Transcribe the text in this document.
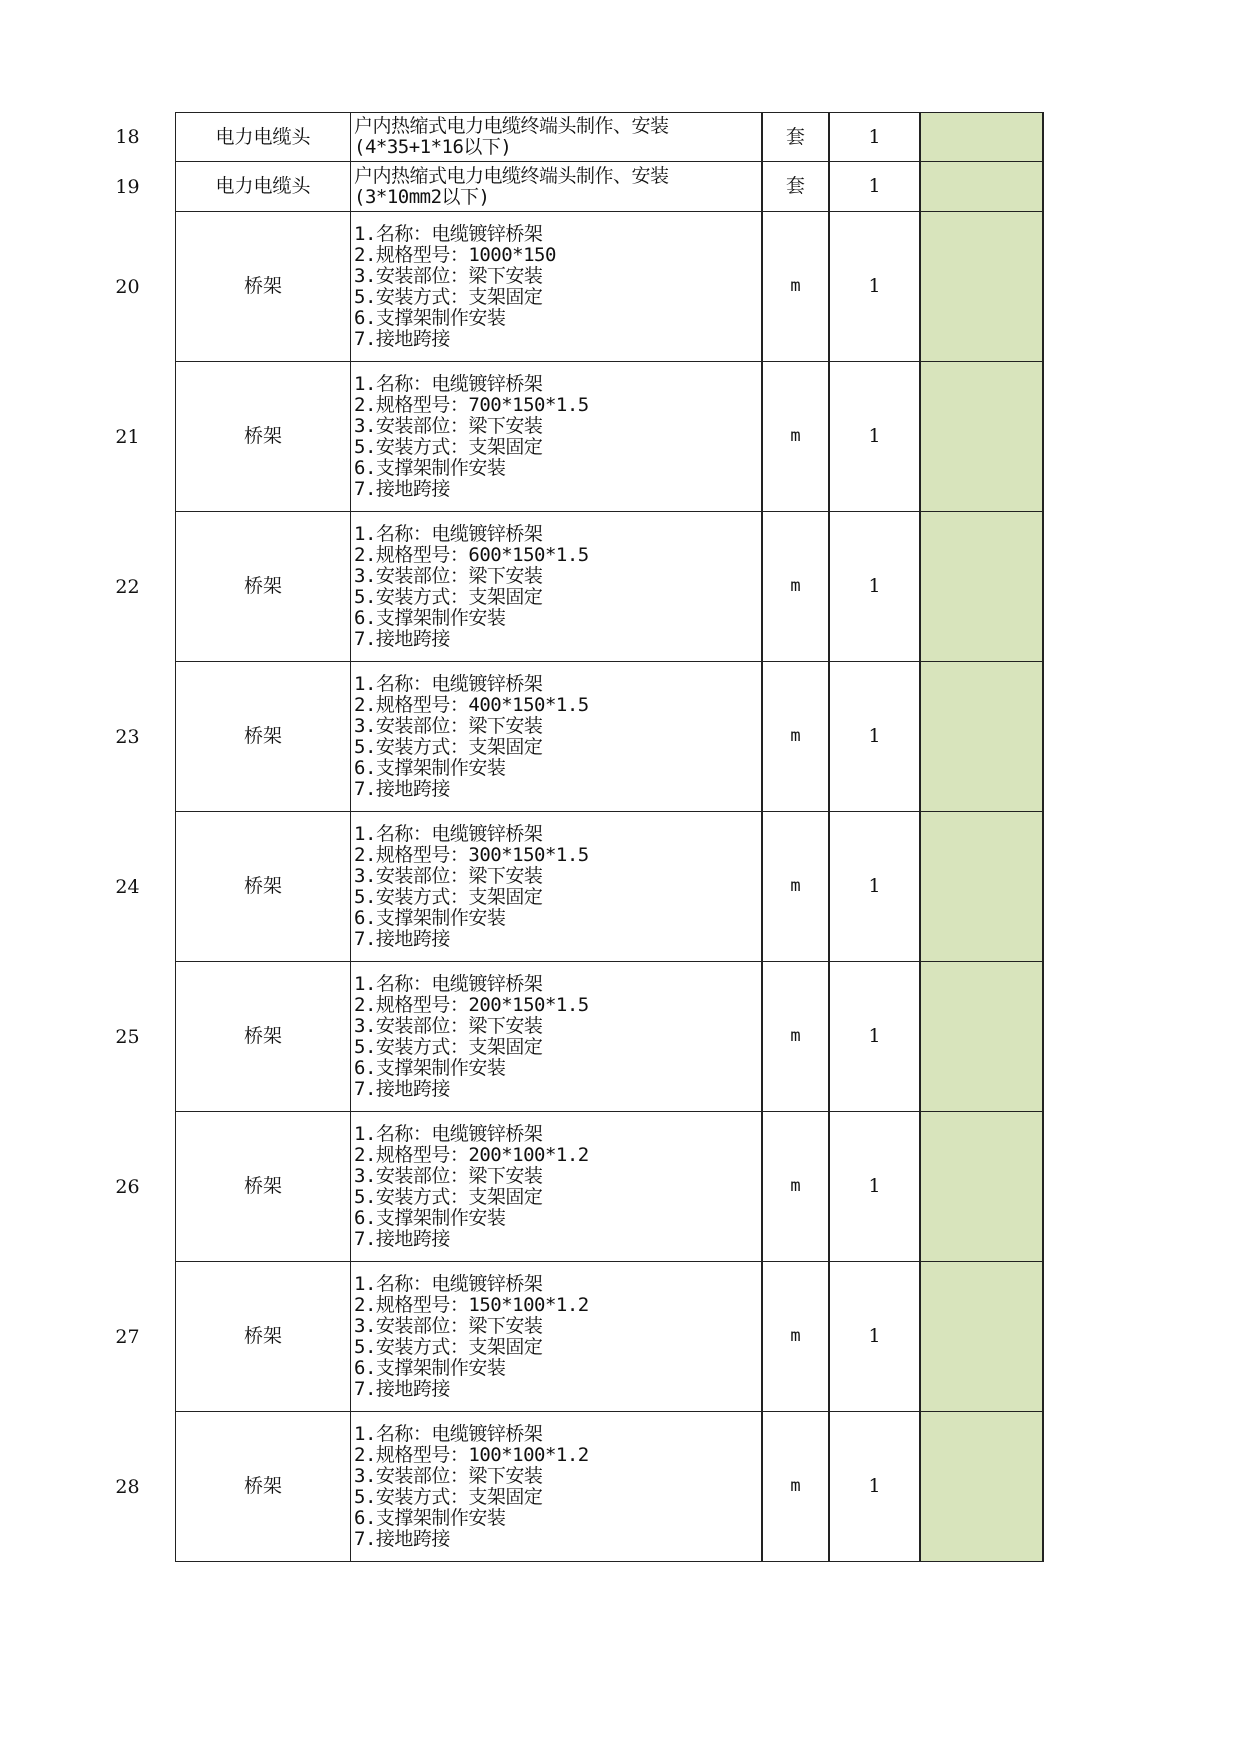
18	电力电缆头	户内热缩式电力电缆终端头制作、安装
(4*35+1*16以下)	套	1
19	电力电缆头	户内热缩式电力电缆终端头制作、安装
(3*10mm2以下)	套	1
20	桥架
1.名称：电缆镀锌桥架
2.规格型号：1000*150
3.安装部位：梁下安装
5.安装方式：支架固定
6.支撑架制作安装
7.接地跨接
m	1
21	桥架
1.名称：电缆镀锌桥架
2.规格型号：700*150*1.5
3.安装部位：梁下安装
5.安装方式：支架固定
6.支撑架制作安装
7.接地跨接
m	1
22	桥架
1.名称：电缆镀锌桥架
2.规格型号：600*150*1.5
3.安装部位：梁下安装
5.安装方式：支架固定
6.支撑架制作安装
7.接地跨接
m	1
23	桥架
1.名称：电缆镀锌桥架
2.规格型号：400*150*1.5
3.安装部位：梁下安装
5.安装方式：支架固定
6.支撑架制作安装
7.接地跨接
m	1
24	桥架
1.名称：电缆镀锌桥架
2.规格型号：300*150*1.5
3.安装部位：梁下安装
5.安装方式：支架固定
6.支撑架制作安装
7.接地跨接
m	1
25	桥架
1.名称：电缆镀锌桥架
2.规格型号：200*150*1.5
3.安装部位：梁下安装
5.安装方式：支架固定
6.支撑架制作安装
7.接地跨接
m	1
26	桥架
1.名称：电缆镀锌桥架
2.规格型号：200*100*1.2
3.安装部位：梁下安装
5.安装方式：支架固定
6.支撑架制作安装
7.接地跨接
m	1
27	桥架
1.名称：电缆镀锌桥架
2.规格型号：150*100*1.2
3.安装部位：梁下安装
5.安装方式：支架固定
6.支撑架制作安装
7.接地跨接
m	1
28	桥架
1.名称：电缆镀锌桥架
2.规格型号：100*100*1.2
3.安装部位：梁下安装
5.安装方式：支架固定
6.支撑架制作安装
7.接地跨接
m	1
